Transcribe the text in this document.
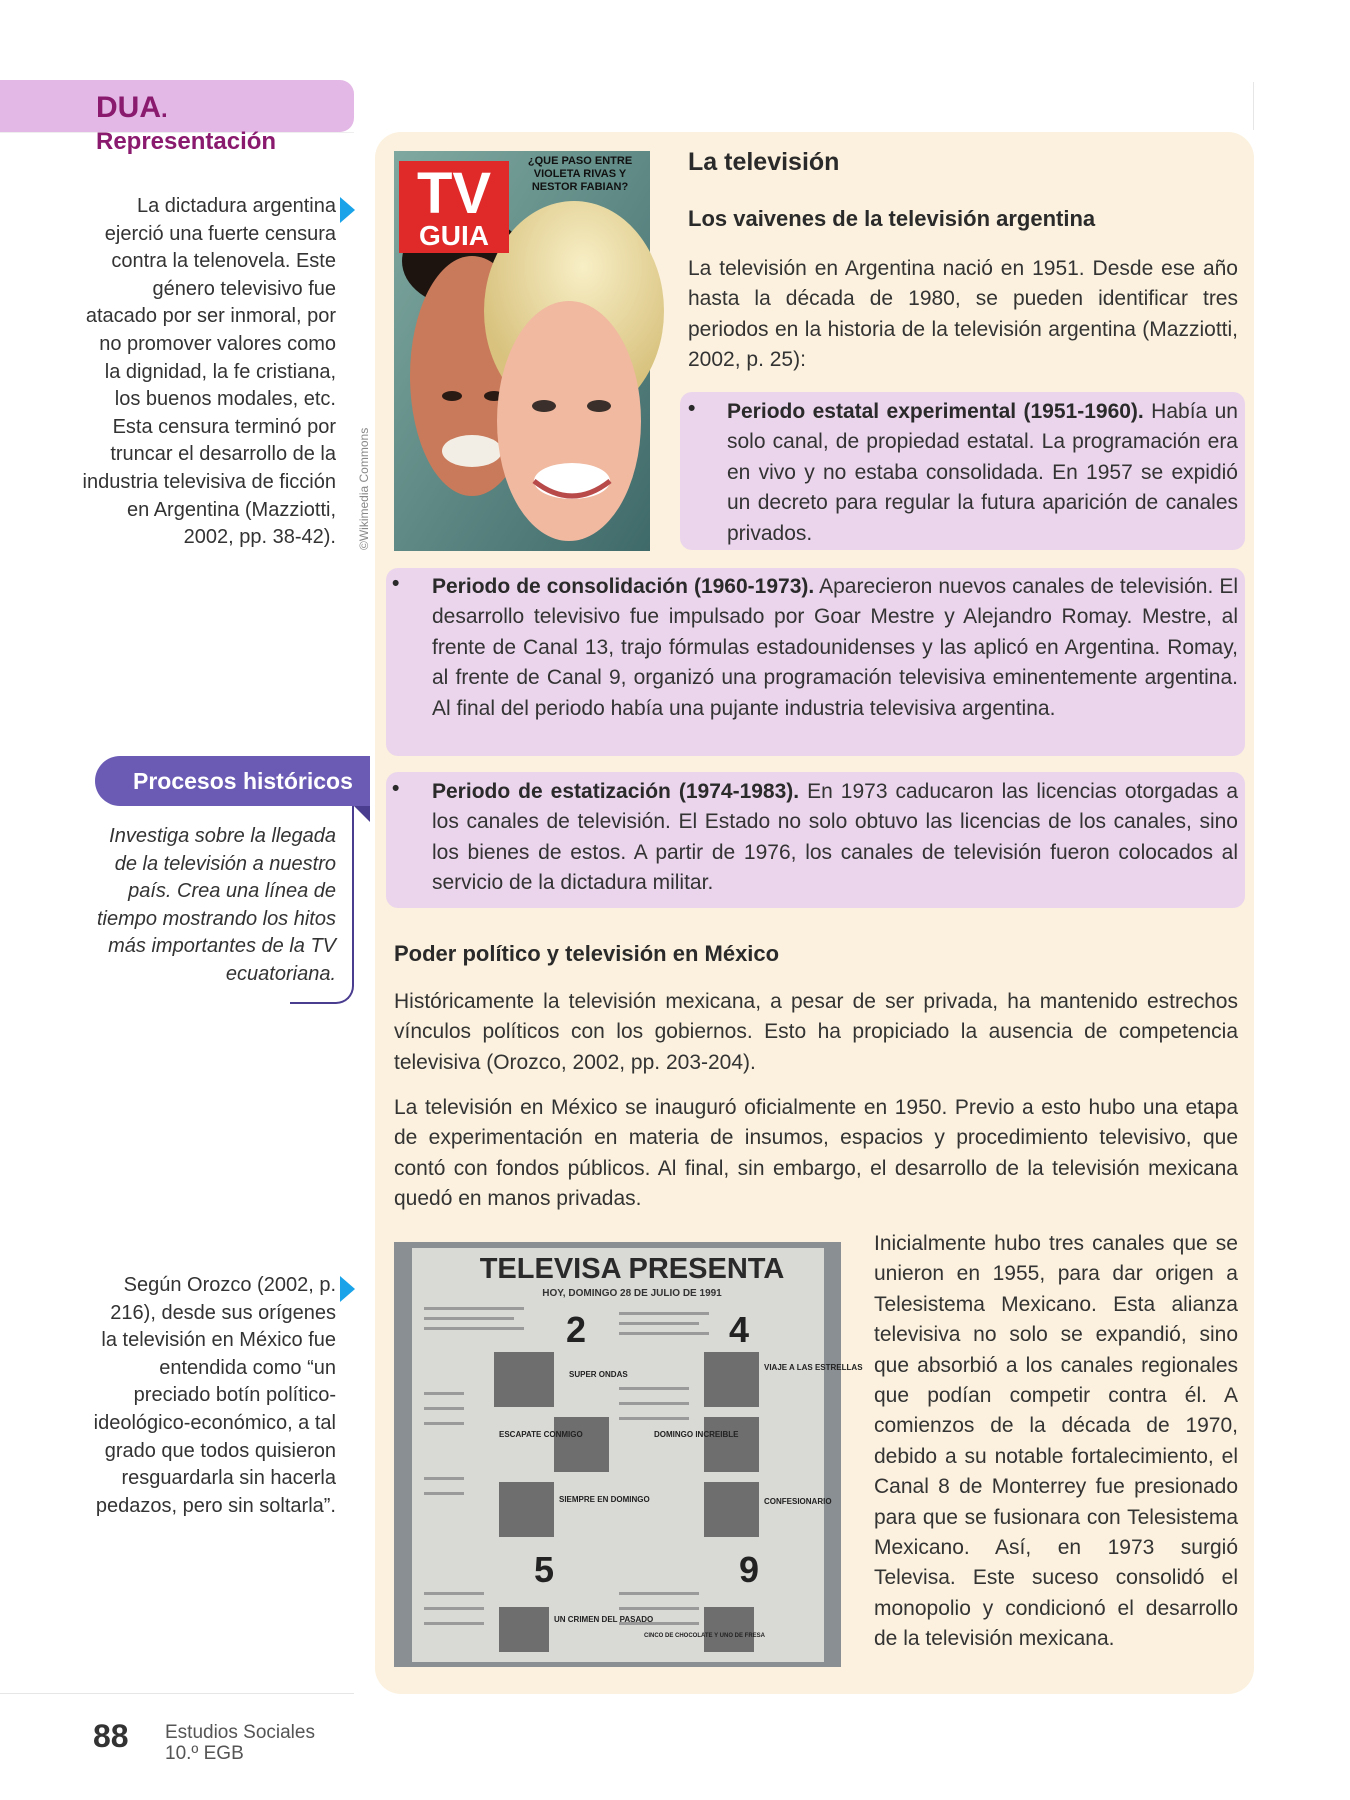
DUA. Representación
La dictadura argentina ejerció una fuerte censura contra la telenovela. Este género televisivo fue atacado por ser inmoral, por no promover valores como la dignidad, la fe cristiana, los buenos modales, etc. Esta censura terminó por truncar el desarrollo de la industria televisiva de ficción en Argentina (Mazziotti, 2002, pp. 38-42).
Procesos históricos
Investiga sobre la llegada de la televisión a nuestro país. Crea una línea de tiempo mostrando los hitos más importantes de la TV ecuatoriana.
Según Orozco (2002, p. 216), desde sus orígenes la televisión en México fue entendida como “un preciado botín político-ideológico-económico, a tal grado que todos quisieron resguardarla sin hacerla pedazos, pero sin soltarla”.
©Wikimedia Commons
TV
GUIA
¿QUE PASO ENTRE VIOLETA RIVAS Y NESTOR FABIAN?
La televisión
Los vaivenes de la televisión argentina
La televisión en Argentina nació en 1951. Desde ese año hasta la década de 1980, se pueden identificar tres periodos en la historia de la televisión argentina (Mazziotti, 2002, p. 25):
• Periodo estatal experimental (1951-1960). Había un solo canal, de propiedad estatal. La programación era en vivo y no estaba consolidada. En 1957 se expidió un decreto para regular la futura aparición de canales privados.
• Periodo de consolidación (1960-1973). Aparecieron nuevos canales de televisión. El desarrollo televisivo fue impulsado por Goar Mestre y Alejandro Romay. Mestre, al frente de Canal 13, trajo fórmulas estadounidenses y las aplicó en Argentina. Romay, al frente de Canal 9, organizó una programación televisiva eminentemente argentina. Al final del periodo había una pujante industria televisiva argentina.
• Periodo de estatización (1974-1983). En 1973 caducaron las licencias otorgadas a los canales de televisión. El Estado no solo obtuvo las licencias de los canales, sino los bienes de estos. A partir de 1976, los canales de televisión fueron colocados al servicio de la dictadura militar.
Poder político y televisión en México
Históricamente la televisión mexicana, a pesar de ser privada, ha mantenido estrechos vínculos políticos con los gobiernos. Esto ha propiciado la ausencia de competencia televisiva (Orozco, 2002, pp. 203-204).
La televisión en México se inauguró oficialmente en 1950. Previo a esto hubo una etapa de experimentación en materia de insumos, espacios y procedimiento televisivo, que contó con fondos públicos. Al final, sin embargo, el desarrollo de la televisión mexicana quedó en manos privadas.
Inicialmente hubo tres canales que se unieron en 1955, para dar origen a Telesistema Mexicano. Esta alianza televisiva no solo se expandió, sino que absorbió a los canales regionales que podían competir contra él. A comienzos de la década de 1970, debido a su notable fortalecimiento, el Canal 8 de Monterrey fue presionado para que se fusionara con Telesistema Mexicano. Así, en 1973 surgió Televisa. Este suceso consolidó el monopolio y condicionó el desarrollo de la televisión mexicana.
TELEVISA PRESENTA
HOY, DOMINGO 28 DE JULIO DE 1991
2	4
5	9
SUPER ONDAS
VIAJE A LAS ESTRELLAS
ESCAPATE CONMIGO	DOMINGO INCREIBLE
SIEMPRE EN DOMINGO	CONFESIONARIO
UN CRIMEN DEL PASADO
CINCO DE CHOCOLATE Y UNO DE FRESA
88 Estudios Sociales
10.º EGB
